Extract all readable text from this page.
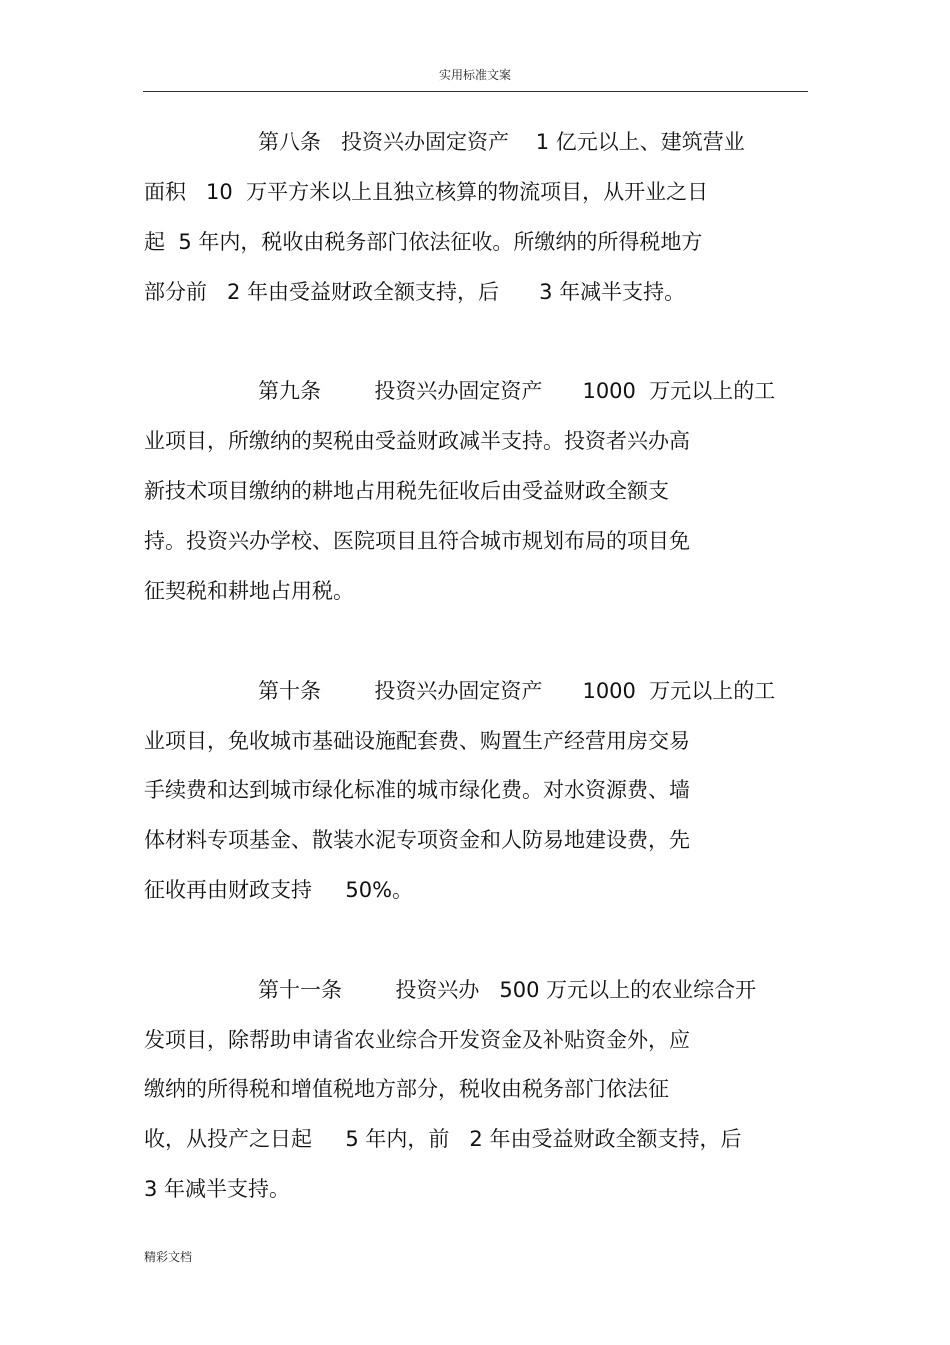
实用标准文案
第八条   投资兴办固定资产    1 亿元以上、建筑营业
面积   10  万平方米以上且独立核算的物流项目，从开业之日
起  5 年内，税收由税务部门依法征收。所缴纳的所得税地方
部分前   2 年由受益财政全额支持，后      3 年减半支持。
第九条        投资兴办固定资产      1000  万元以上的工
业项目，所缴纳的契税由受益财政减半支持。投资者兴办高
新技术项目缴纳的耕地占用税先征收后由受益财政全额支
持。投资兴办学校、医院项目且符合城市规划布局的项目免
征契税和耕地占用税。
第十条        投资兴办固定资产      1000  万元以上的工
业项目，免收城市基础设施配套费、购置生产经营用房交易
手续费和达到城市绿化标准的城市绿化费。对水资源费、墙
体材料专项基金、散装水泥专项资金和人防易地建设费，先
征收再由财政支持     50%。
第十一条        投资兴办   500 万元以上的农业综合开
发项目，除帮助申请省农业综合开发资金及补贴资金外，应
缴纳的所得税和增值税地方部分，税收由税务部门依法征
收，从投产之日起     5 年内，前   2 年由受益财政全额支持，后
3 年减半支持。
精彩文档
